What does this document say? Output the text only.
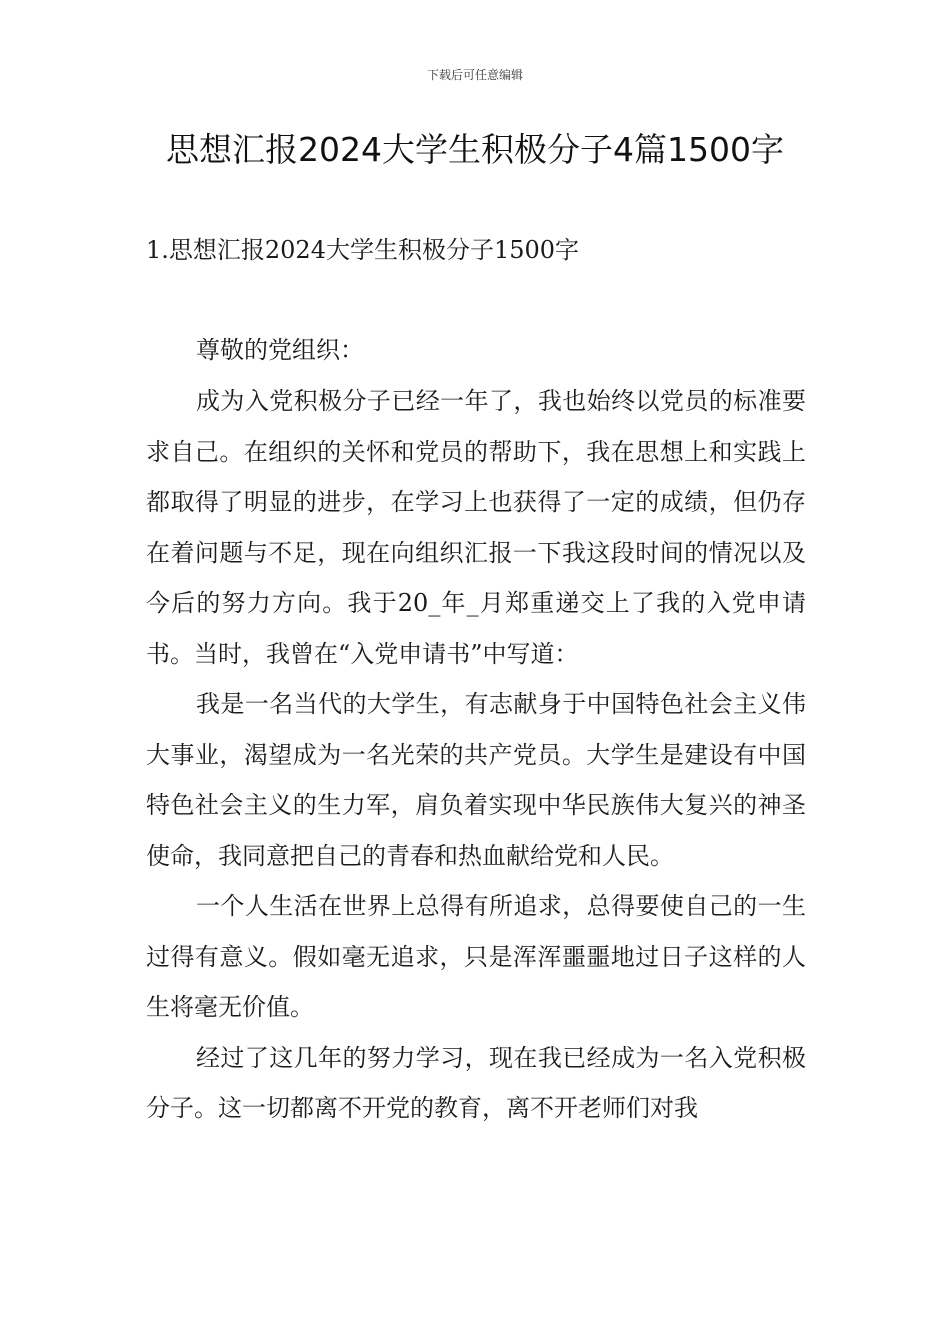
下载后可任意编辑
思想汇报2024大学生积极分子4篇1500字
1.思想汇报2024大学生积极分子1500字
尊敬的党组织：

成为入党积极分子已经一年了，我也始终以党员的标准要求自己。在组织的关怀和党员的帮助下，我在思想上和实践上都取得了明显的进步，在学习上也获得了一定的成绩，但仍存在着问题与不足，现在向组织汇报一下我这段时间的情况以及今后的努力方向。我于20_年_月郑重递交上了我的入党申请书。当时，我曾在“入党申请书”中写道：

我是一名当代的大学生，有志献身于中国特色社会主义伟大事业，渴望成为一名光荣的共产党员。大学生是建设有中国特色社会主义的生力军，肩负着实现中华民族伟大复兴的神圣使命，我同意把自己的青春和热血献给党和人民。

一个人生活在世界上总得有所追求，总得要使自己的一生过得有意义。假如毫无追求，只是浑浑噩噩地过日子这样的人生将毫无价值。

经过了这几年的努力学习，现在我已经成为一名入党积极分子。这一切都离不开党的教育，离不开老师们对我
